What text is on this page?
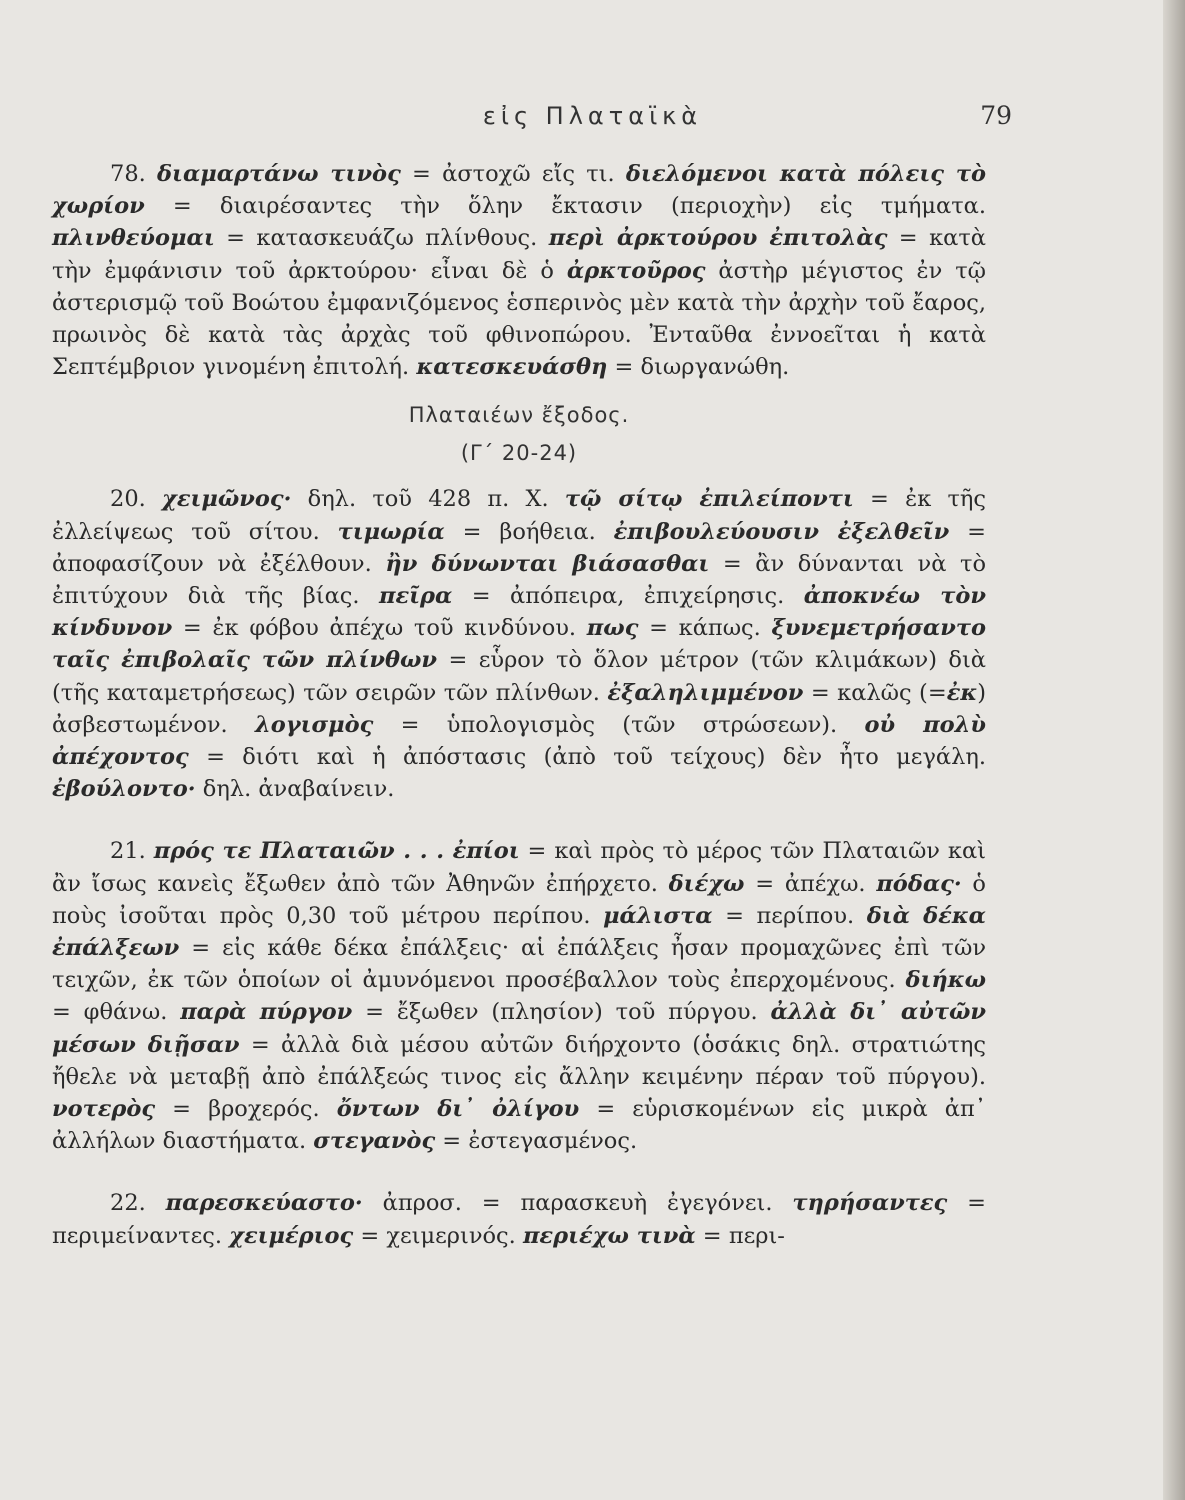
εἰς Πλαταϊκὰ	79

78. διαμαρτάνω τινὸς = ἀστοχῶ εἴς τι. διελόμενοι κατὰ πόλεις τὸ χωρίον = διαιρέσαντες τὴν ὅλην ἔκτασιν (περιοχὴν) εἰς τμήματα. πλινθεύομαι = κατασκευάζω πλίνθους. περὶ ἀρκτούρου ἐπιτολὰς = κατὰ τὴν ἐμφάνισιν τοῦ ἀρκτούρου· εἶναι δὲ ὁ ἀρκτοῦρος ἀστὴρ μέγιστος ἐν τῷ ἀστερισμῷ τοῦ Βοώτου ἐμφανιζόμενος ἑσπερινὸς μὲν κατὰ τὴν ἀρχὴν τοῦ ἔαρος, πρωινὸς δὲ κατὰ τὰς ἀρχὰς τοῦ φθινοπώρου. Ἐνταῦθα ἐννοεῖται ἡ κατὰ Σεπτέμβριον γινομένη ἐπιτολή. κατεσκευάσθη = διωργανώθη.

Πλαταιέων ἔξοδος.
(Γ΄ 20-24)

20. χειμῶνος· δηλ. τοῦ 428 π. Χ. τῷ σίτῳ ἐπιλείποντι = ἐκ τῆς ἐλλείψεως τοῦ σίτου. τιμωρία = βοήθεια. ἐπιβουλεύουσιν ἐξελθεῖν = ἀποφασίζουν νὰ ἐξέλθουν. ἢν δύνωνται βιάσασθαι = ἂν δύνανται νὰ τὸ ἐπιτύχουν διὰ τῆς βίας. πεῖρα = ἀπόπειρα, ἐπιχείρησις. ἀποκνέω τὸν κίνδυνον = ἐκ φόβου ἀπέχω τοῦ κινδύνου. πως = κάπως. ξυνεμετρήσαντο ταῖς ἐπιβολαῖς τῶν πλίνθων = εὗρον τὸ ὅλον μέτρον (τῶν κλιμάκων) διὰ (τῆς καταμετρήσεως) τῶν σειρῶν τῶν πλίνθων. ἐξαληλιμμένον = καλῶς (=ἐκ) ἀσβεστωμένον. λογισμὸς = ὑπολογισμὸς (τῶν στρώσεων). οὐ πολὺ ἀπέχοντος = διότι καὶ ἡ ἀπόστασις (ἀπὸ τοῦ τείχους) δὲν ἦτο μεγάλη. ἐβούλοντο· δηλ. ἀναβαίνειν.

21. πρός τε Πλαταιῶν . . . ἐπίοι = καὶ πρὸς τὸ μέρος τῶν Πλαταιῶν καὶ ἂν ἴσως κανεὶς ἔξωθεν ἀπὸ τῶν Ἀθηνῶν ἐπήρχετο. διέχω = ἀπέχω. πόδας· ὁ ποὺς ἰσοῦται πρὸς 0,30 τοῦ μέτρου περίπου. μάλιστα = περίπου. διὰ δέκα ἐπάλξεων = εἰς κάθε δέκα ἐπάλξεις· αἱ ἐπάλξεις ἦσαν προμαχῶνες ἐπὶ τῶν τειχῶν, ἐκ τῶν ὁποίων οἱ ἀμυνόμενοι προσέβαλλον τοὺς ἐπερχομένους. διήκω = φθάνω. παρὰ πύργον = ἔξωθεν (πλησίον) τοῦ πύργου. ἀλλὰ δι᾽ αὐτῶν μέσων διῇσαν = ἀλλὰ διὰ μέσου αὐτῶν διήρχοντο (ὁσάκις δηλ. στρατιώτης ἤθελε νὰ μεταβῇ ἀπὸ ἐπάλξεώς τινος εἰς ἄλλην κειμένην πέραν τοῦ πύργου). νοτερὸς = βροχερός. ὄντων δι᾽ ὀλίγου = εὑρισκομένων εἰς μικρὰ ἀπ᾽ ἀλλήλων διαστήματα. στεγανὸς = ἐστεγασμένος.

22. παρεσκεύαστο· ἀπροσ. = παρασκευὴ ἐγεγόνει. τηρήσαντες = περιμείναντες. χειμέριος = χειμερινός. περιέχω τινὰ = περι-
